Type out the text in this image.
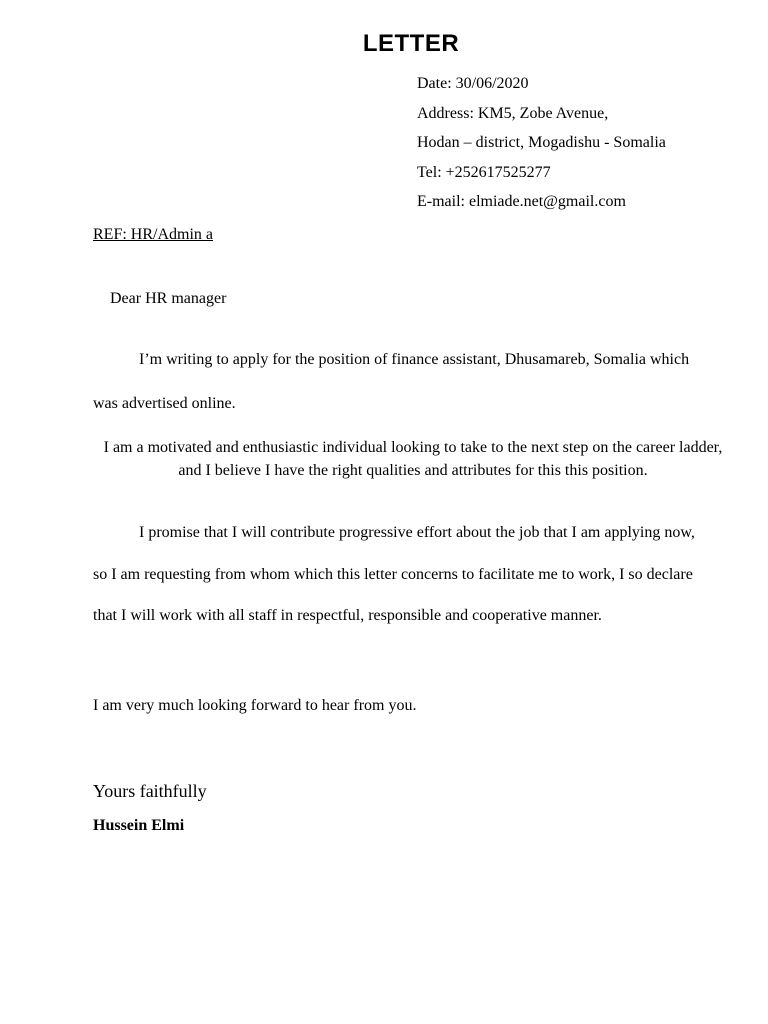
LETTER
Date: 30/06/2020
Address: KM5, Zobe Avenue,
Hodan – district, Mogadishu - Somalia
Tel: +252617525277
E-mail: elmiade.net@gmail.com
REF: HR/Admin a
Dear HR manager
I’m writing to apply for the position of finance assistant, Dhusamareb, Somalia which was advertised online.
I am a motivated and enthusiastic individual looking to take to the next step on the career ladder, and I believe I have the right qualities and attributes for this this position.
I promise that I will contribute progressive effort about the job that I am applying now, so I am requesting from whom which this letter concerns to facilitate me to work, I so declare that I will work with all staff in respectful, responsible and cooperative manner.
I am very much looking forward to hear from you.
Yours faithfully
Hussein Elmi
